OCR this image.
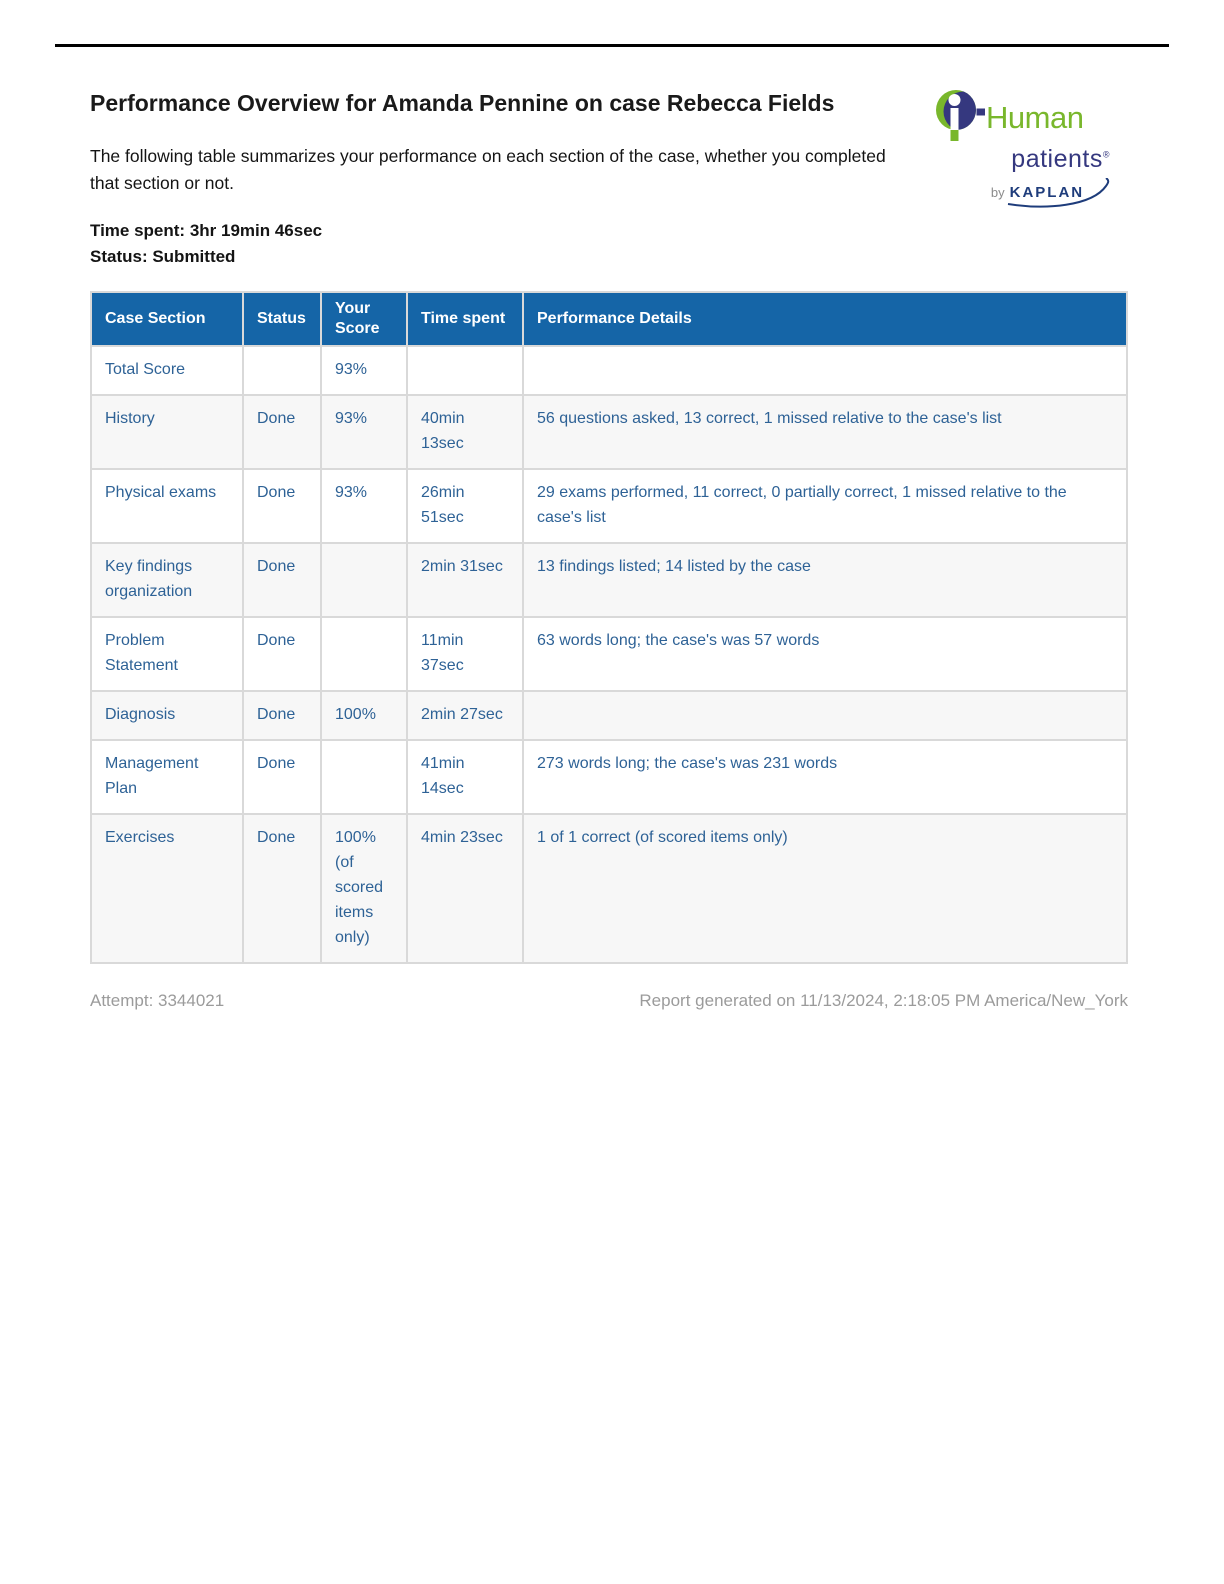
Human
patients®
by KAPLAN
Performance Overview for Amanda Pennine on case Rebecca Fields

The following table summarizes your performance on each section of the case, whether you completed that section or not.

Time spent: 3hr 19min 46sec

Status: Submitted

Case Section	Status	Your Score	Time spent	Performance Details
Total Score		93%		
History	Done	93%	40min 13sec	56 questions asked, 13 correct, 1 missed relative to the case's list
Physical exams	Done	93%	26min 51sec	29 exams performed, 11 correct, 0 partially correct, 1 missed relative to the case's list
Key findings organization	Done		2min 31sec	13 findings listed; 14 listed by the case
Problem Statement	Done		11min 37sec	63 words long; the case's was 57 words
Diagnosis	Done	100%	2min 27sec	
Management Plan	Done		41min 14sec	273 words long; the case's was 231 words
Exercises	Done	100% (of scored items only)	4min 23sec	1 of 1 correct (of scored items only)
Attempt: 3344021	Report generated on 11/13/2024, 2:18:05 PM America/New_York
